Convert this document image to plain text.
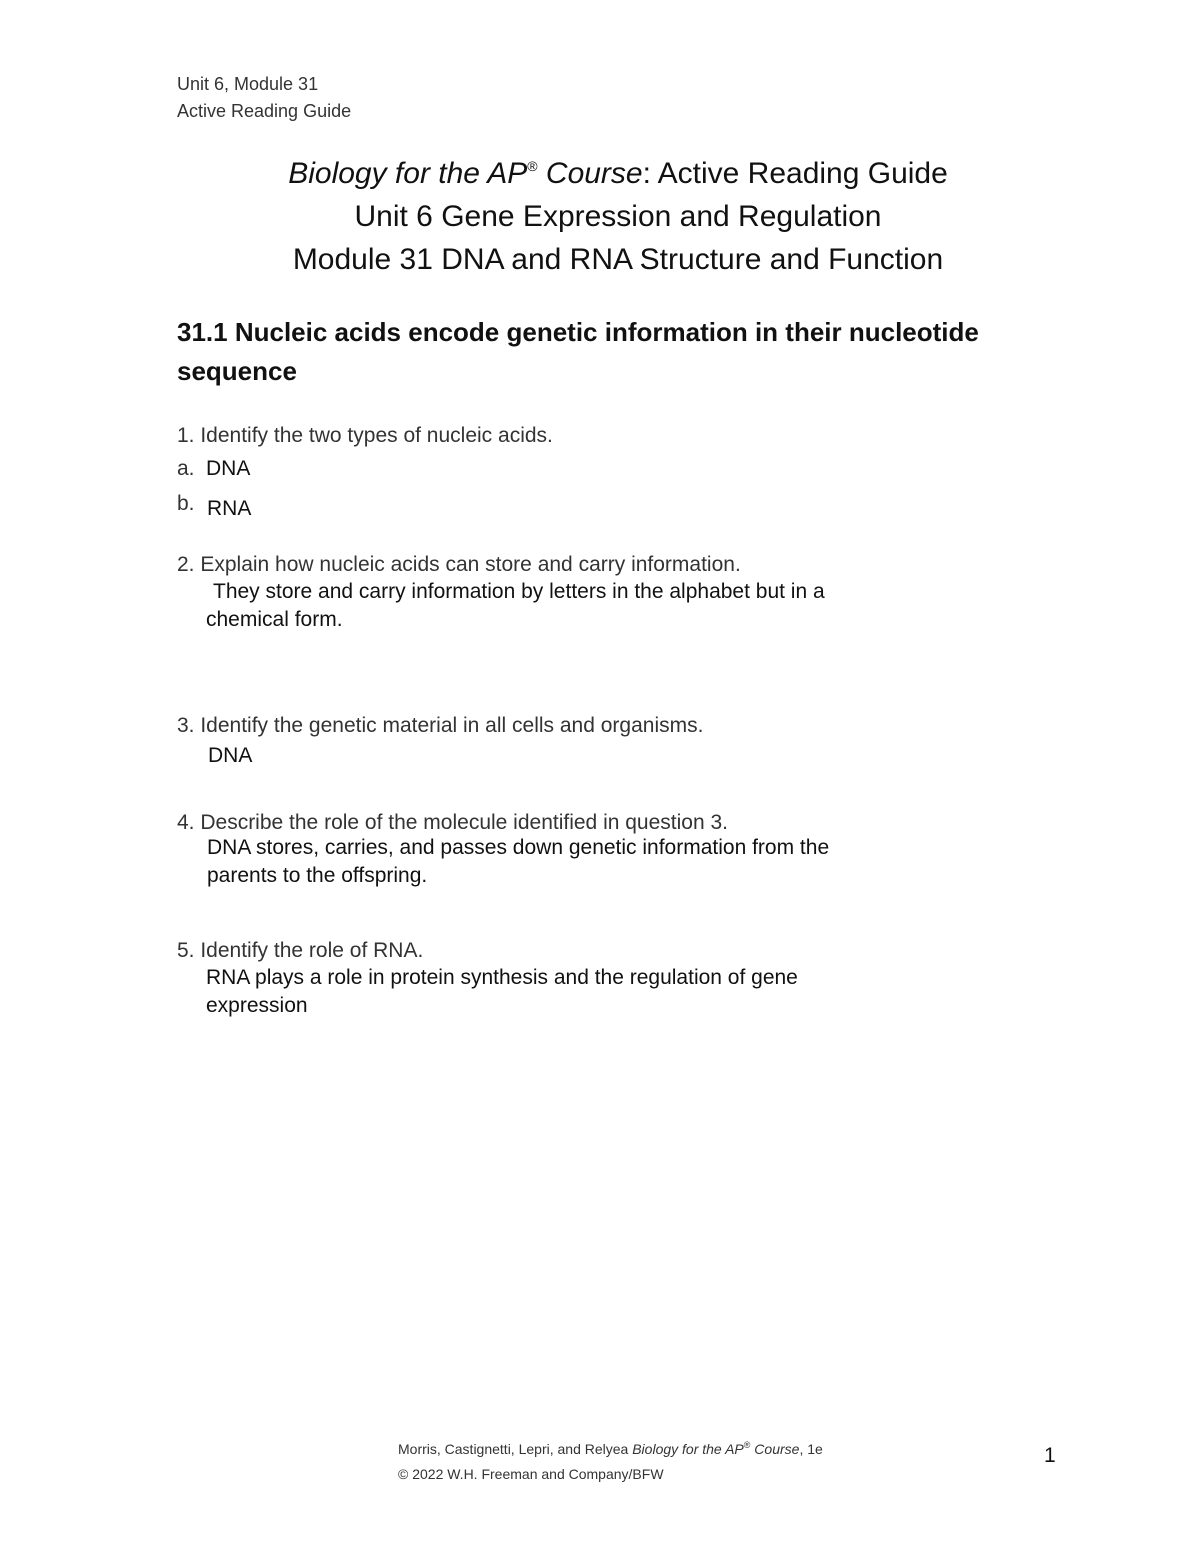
Unit 6, Module 31
Active Reading Guide
Biology for the AP® Course: Active Reading Guide
Unit 6 Gene Expression and Regulation
Module 31 DNA and RNA Structure and Function
31.1 Nucleic acids encode genetic information in their nucleotide
sequence
1. Identify the two types of nucleic acids.
a. DNA
b. RNA
2. Explain how nucleic acids can store and carry information.
They store and carry information by letters in the alphabet but in a
chemical form.
3. Identify the genetic material in all cells and organisms.
DNA
4. Describe the role of the molecule identified in question 3.
DNA stores, carries, and passes down genetic information from the
parents to the offspring.
5. Identify the role of RNA.
RNA plays a role in protein synthesis and the regulation of gene
expression
Morris, Castignetti, Lepri, and Relyea Biology for the AP® Course, 1e
© 2022 W.H. Freeman and Company/BFW
1
